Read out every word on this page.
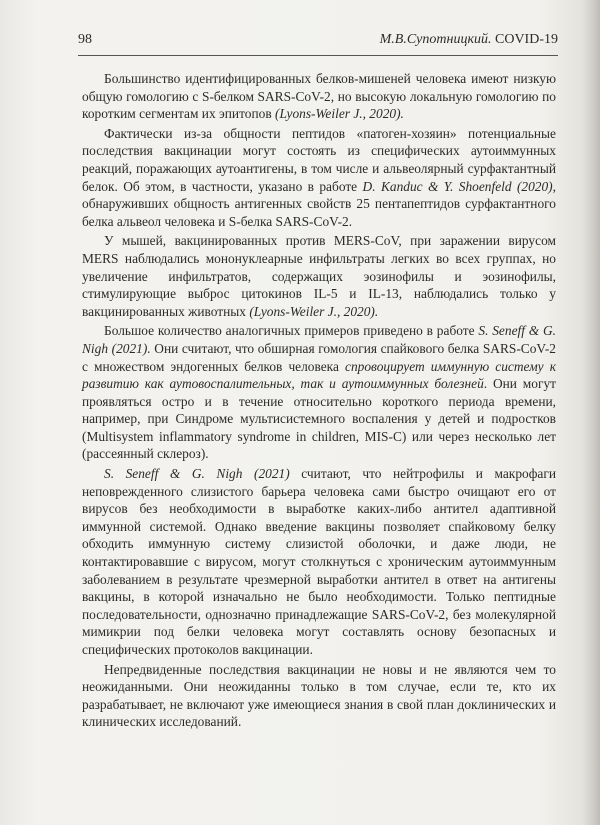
98	М.В.Супотницкий. COVID-19

Большинство идентифицированных белков-мишеней человека имеют низкую общую гомологию с S-белком SARS-CoV-2, но высокую локальную гомологию по коротким сегментам их эпитопов (Lyons-Weiler J., 2020).

Фактически из-за общности пептидов «патоген-хозяин» потенциальные последствия вакцинации могут состоять из специфических аутоиммунных реакций, поражающих аутоантигены, в том числе и альвеолярный сурфактантный белок. Об этом, в частности, указано в работе D. Kanduc & Y. Shoenfeld (2020), обнаруживших общность антигенных свойств 25 пентапептидов сурфактантного белка альвеол человека и S-белка SARS-CoV-2.

У мышей, вакцинированных против MERS-CoV, при заражении вирусом MERS наблюдались мононуклеарные инфильтраты легких во всех группах, но увеличение инфильтратов, содержащих эозинофилы и эозинофилы, стимулирующие выброс цитокинов IL-5 и IL-13, наблюдались только у вакцинированных животных (Lyons-Weiler J., 2020).

Большое количество аналогичных примеров приведено в работе S. Seneff & G. Nigh (2021). Они считают, что обширная гомология спайкового белка SARS-CoV-2 с множеством эндогенных белков человека спровоцирует иммунную систему к развитию как аутовоспалительных, так и аутоиммунных болезней. Они могут проявляться остро и в течение относительно короткого периода времени, например, при Синдроме мультисистемного воспаления у детей и подростков (Multisystem inflammatory syndrome in children, MIS-C) или через несколько лет (рассеянный склероз).

S. Seneff & G. Nigh (2021) считают, что нейтрофилы и макрофаги неповрежденного слизистого барьера человека сами быстро очищают его от вирусов без необходимости в выработке каких-либо антител адаптивной иммунной системой. Однако введение вакцины позволяет спайковому белку обходить иммунную систему слизистой оболочки, и даже люди, не контактировавшие с вирусом, могут столкнуться с хроническим аутоиммунным заболеванием в результате чрезмерной выработки антител в ответ на антигены вакцины, в которой изначально не было необходимости. Только пептидные последовательности, однозначно принадлежащие SARS-CoV-2, без молекулярной мимикрии под белки человека могут составлять основу безопасных и специфических протоколов вакцинации.

Непредвиденные последствия вакцинации не новы и не являются чем то неожиданными. Они неожиданны только в том случае, если те, кто их разрабатывает, не включают уже имеющиеся знания в свой план доклинических и клинических исследований.
